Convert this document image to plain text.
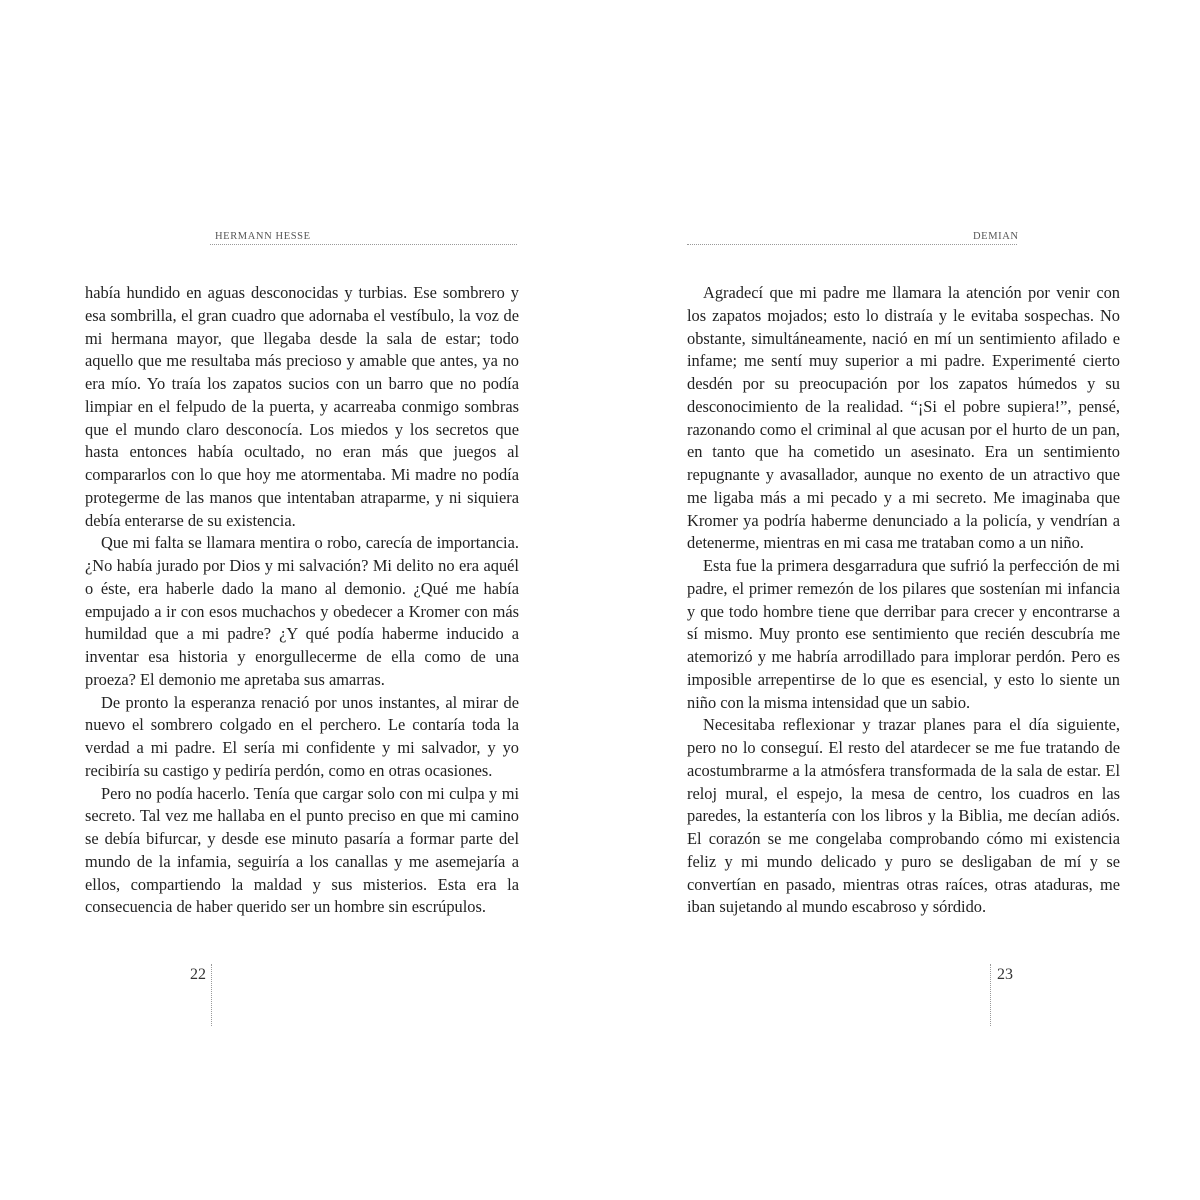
HERMANN HESSE

había hundido en aguas desconocidas y turbias. Ese sombrero y esa sombrilla, el gran cuadro que adornaba el vestíbulo, la voz de mi hermana mayor, que llegaba desde la sala de estar; todo aquello que me resultaba más precioso y amable que antes, ya no era mío. Yo traía los zapatos sucios con un barro que no podía limpiar en el felpudo de la puerta, y acarreaba conmigo sombras que el mundo claro desconocía. Los miedos y los secretos que hasta entonces había ocultado, no eran más que juegos al compararlos con lo que hoy me atormentaba. Mi madre no podía protegerme de las manos que intentaban atraparme, y ni siquiera debía enterarse de su existencia.

Que mi falta se llamara mentira o robo, carecía de importancia. ¿No había jurado por Dios y mi salvación? Mi delito no era aquél o éste, era haberle dado la mano al demonio. ¿Qué me había empujado a ir con esos muchachos y obedecer a Kromer con más humildad que a mi padre? ¿Y qué podía haberme inducido a inventar esa historia y enorgullecerme de ella como de una proeza? El demonio me apretaba sus amarras.

De pronto la esperanza renació por unos instantes, al mirar de nuevo el sombrero colgado en el perchero. Le contaría toda la verdad a mi padre. El sería mi confidente y mi salvador, y yo recibiría su castigo y pediría perdón, como en otras ocasiones.

Pero no podía hacerlo. Tenía que cargar solo con mi culpa y mi secreto. Tal vez me hallaba en el punto preciso en que mi camino se debía bifurcar, y desde ese minuto pasaría a formar parte del mundo de la infamia, seguiría a los canallas y me asemejaría a ellos, compartiendo la maldad y sus misterios. Esta era la consecuencia de haber querido ser un hombre sin escrúpulos.

22
DEMIAN

Agradecí que mi padre me llamara la atención por venir con los zapatos mojados; esto lo distraía y le evitaba sospechas. No obstante, simultáneamente, nació en mí un sentimiento afilado e infame; me sentí muy superior a mi padre. Experimenté cierto desdén por su preocupación por los zapatos húmedos y su desconocimiento de la realidad. “¡Si el pobre supiera!”, pensé, razonando como el criminal al que acusan por el hurto de un pan, en tanto que ha cometido un asesinato. Era un sentimiento repugnante y avasallador, aunque no exento de un atractivo que me ligaba más a mi pecado y a mi secreto. Me imaginaba que Kromer ya podría haberme denunciado a la policía, y vendrían a detenerme, mientras en mi casa me trataban como a un niño.

Esta fue la primera desgarradura que sufrió la perfección de mi padre, el primer remezón de los pilares que sostenían mi infancia y que todo hombre tiene que derribar para crecer y encontrarse a sí mismo. Muy pronto ese sentimiento que recién descubría me atemorizó y me habría arrodillado para implorar perdón. Pero es imposible arrepentirse de lo que es esencial, y esto lo siente un niño con la misma intensidad que un sabio.

Necesitaba reflexionar y trazar planes para el día siguiente, pero no lo conseguí. El resto del atardecer se me fue tratando de acostumbrarme a la atmósfera transformada de la sala de estar. El reloj mural, el espejo, la mesa de centro, los cuadros en las paredes, la estantería con los libros y la Biblia, me decían adiós. El corazón se me congelaba comprobando cómo mi existencia feliz y mi mundo delicado y puro se desligaban de mí y se convertían en pasado, mientras otras raíces, otras ataduras, me iban sujetando al mundo escabroso y sórdido.

23
